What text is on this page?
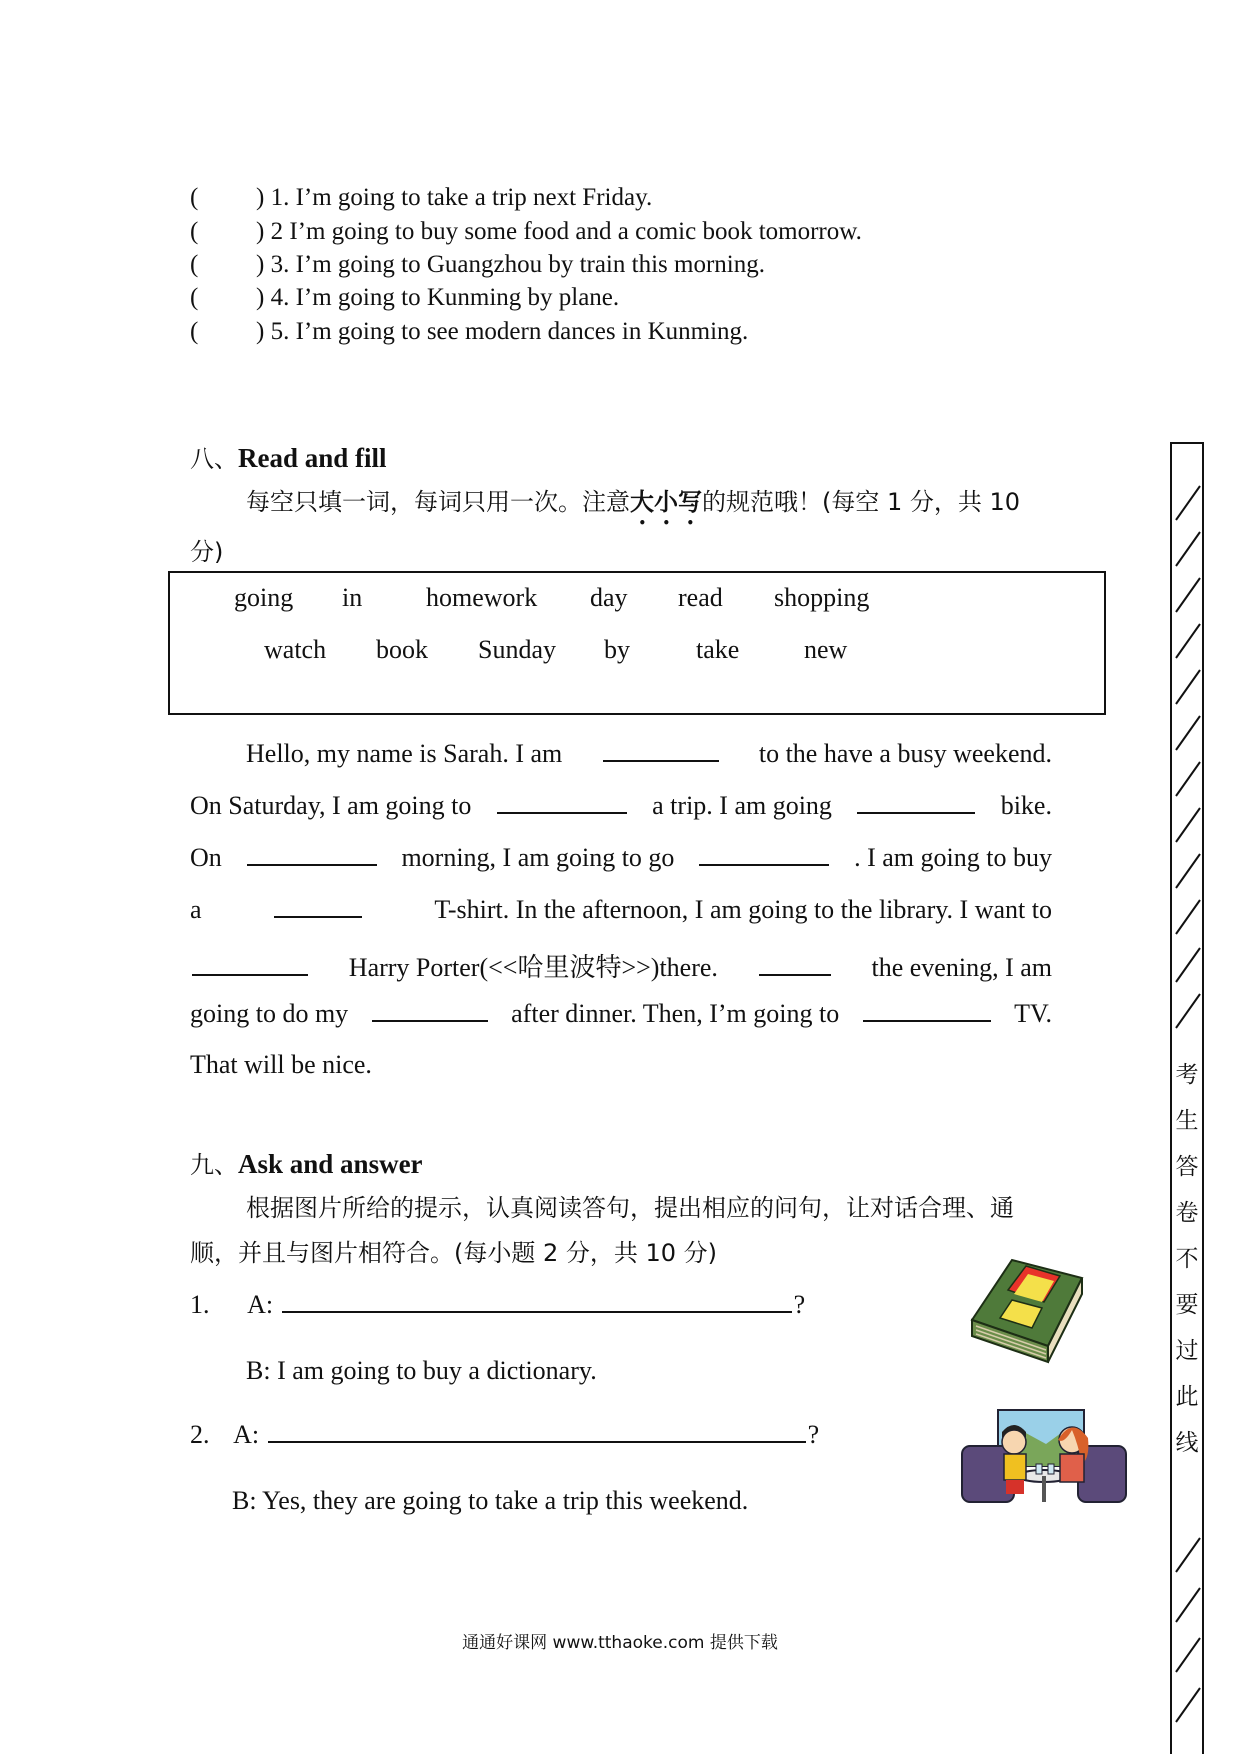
( ) 1. I’m going to take a trip next Friday.
( ) 2 I’m going to buy some food and a comic book tomorrow.
( ) 3. I’m going to Guangzhou by train this morning.
( ) 4. I’m going to Kunming by plane.
( ) 5. I’m going to see modern dances in Kunming.
八、Read and fill
每空只填一词，每词只用一次。注意大小写的规范哦！(每空 1 分，共 10 分)
going in homework day read shopping
watch book Sunday by	take new
Hello, my name is Sarah. I am	to the have a busy weekend.
On Saturday, I am going to	a trip. I am going	bike.
On	morning, I am going to go	. I am going to buy
a	T-shirt. In the afternoon, I am going to the library. I want to
Harry Porter(<<哈里波特>>)there.	the evening, I am
going to do my	after dinner. Then, I’m going to	TV.
That will be nice.
九、Ask and answer
根据图片所给的提示，认真阅读答句，提出相应的问句，让对话合理、通顺，并且与图片相符合。(每小题 2 分，共 10 分)
1. A:	?
B: I am going to buy a dictionary.
2. A:	?
B: Yes, they are going to take a trip this weekend.
考
生
答
卷
不
要
过
此
线
通通好课网 www.tthaoke.com 提供下载
